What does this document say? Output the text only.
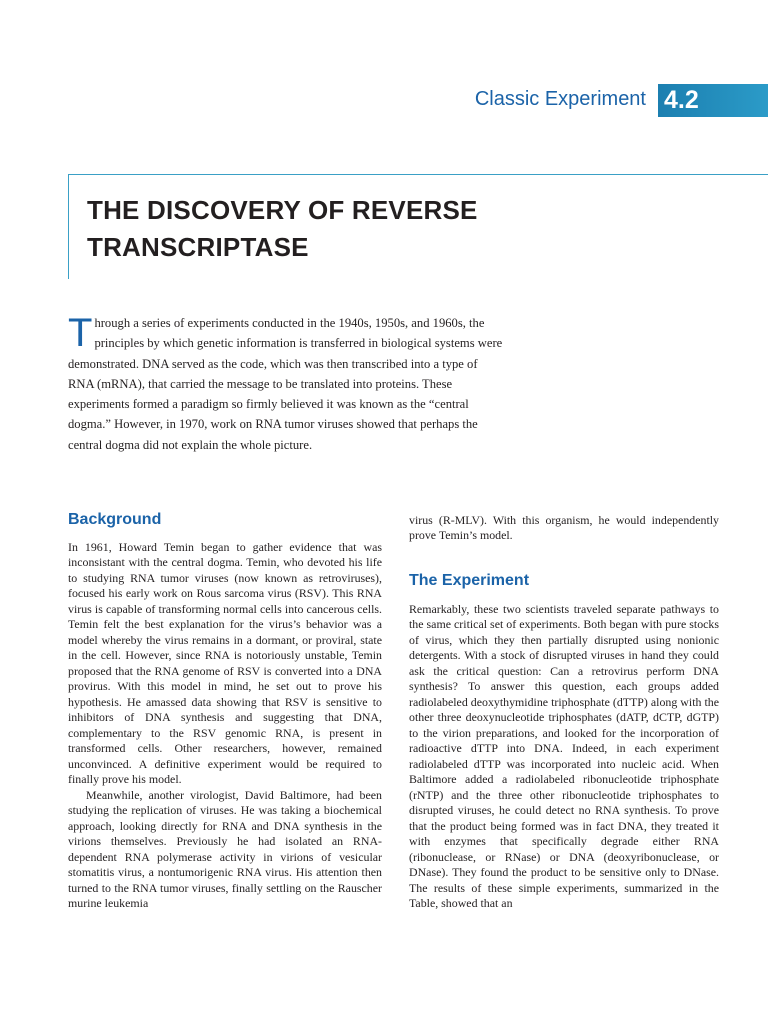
Classic Experiment 4.2
THE DISCOVERY OF REVERSE
TRANSCRIPTASE

Through a series of experiments conducted in the 1940s, 1950s, and 1960s, the principles by which genetic information is transferred in biological systems were demonstrated. DNA served as the code, which was then transcribed into a type of RNA (mRNA), that carried the message to be translated into proteins. These experiments formed a paradigm so firmly believed it was known as the “central dogma.” However, in 1970, work on RNA tumor viruses showed that perhaps the central dogma did not explain the whole picture.

Background

In 1961, Howard Temin began to gather evidence that was inconsistant with the central dogma. Temin, who devoted his life to studying RNA tumor viruses (now known as retroviruses), focused his early work on Rous sarcoma virus (RSV). This RNA virus is capable of transforming normal cells into cancerous cells. Temin felt the best explanation for the virus’s behavior was a model whereby the virus remains in a dormant, or proviral, state in the cell. However, since RNA is notoriously unstable, Temin proposed that the RNA genome of RSV is converted into a DNA provirus. With this model in mind, he set out to prove his hypothesis. He amassed data showing that RSV is sensitive to inhibitors of DNA synthesis and suggesting that DNA, complementary to the RSV genomic RNA, is present in transformed cells. Other researchers, however, remained unconvinced. A definitive experiment would be required to finally prove his model.

Meanwhile, another virologist, David Baltimore, had been studying the replication of viruses. He was taking a biochemical approach, looking directly for RNA and DNA synthesis in the virions themselves. Previously he had isolated an RNA-dependent RNA polymerase activity in virions of vesicular stomatitis virus, a nontumorigenic RNA virus. His attention then turned to the RNA tumor viruses, finally settling on the Rauscher murine leukemia

virus (R-MLV). With this organism, he would independently prove Temin’s model.

The Experiment

Remarkably, these two scientists traveled separate pathways to the same critical set of experiments. Both began with pure stocks of virus, which they then partially disrupted using nonionic detergents. With a stock of disrupted viruses in hand they could ask the critical question: Can a retrovirus perform DNA synthesis? To answer this question, each groups added radiolabeled deoxythymidine triphosphate (dTTP) along with the other three deoxynucleotide triphosphates (dATP, dCTP, dGTP) to the virion preparations, and looked for the incorporation of radioactive dTTP into DNA. Indeed, in each experiment radiolabeled dTTP was incorporated into nucleic acid. When Baltimore added a radiolabeled ribonucleotide triphosphate (rNTP) and the three other ribonucleotide triphosphates to disrupted viruses, he could detect no RNA synthesis. To prove that the product being formed was in fact DNA, they treated it with enzymes that specifically degrade either RNA (ribonuclease, or RNase) or DNA (deoxyribonuclease, or DNase). They found the product to be sensitive only to DNase. The results of these simple experiments, summarized in the Table, showed that an
